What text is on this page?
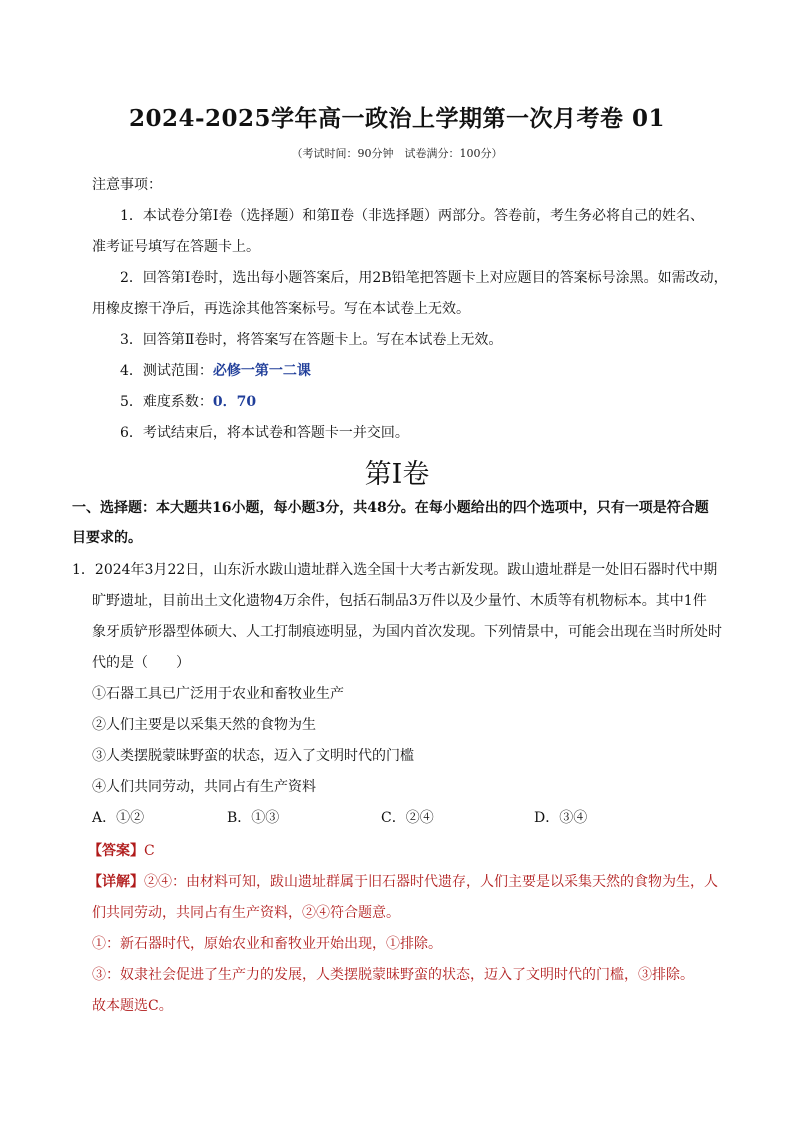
2024-2025学年高一政治上学期第一次月考卷 01
（考试时间：90分钟　试卷满分：100分）
注意事项：
1．本试卷分第Ⅰ卷（选择题）和第Ⅱ卷（非选择题）两部分。答卷前，考生务必将自己的姓名、
准考证号填写在答题卡上。
2．回答第Ⅰ卷时，选出每小题答案后，用2B铅笔把答题卡上对应题目的答案标号涂黑。如需改动，
用橡皮擦干净后，再选涂其他答案标号。写在本试卷上无效。
3．回答第Ⅱ卷时，将答案写在答题卡上。写在本试卷上无效。
4．测试范围：必修一第一二课
5．难度系数：0．70
6．考试结束后，将本试卷和答题卡一并交回。
第Ⅰ卷
一、选择题：本大题共16小题，每小题3分，共48分。在每小题给出的四个选项中，只有一项是符合题
目要求的。
1．2024年3月22日，山东沂水跋山遗址群入选全国十大考古新发现。跋山遗址群是一处旧石器时代中期
旷野遗址，目前出土文化遗物4万余件，包括石制品3万件以及少量竹、木质等有机物标本。其中1件
象牙质铲形器型体硕大、人工打制痕迹明显，为国内首次发现。下列情景中，可能会出现在当时所处时
代的是（　　）
①石器工具已广泛用于农业和畜牧业生产
②人们主要是以采集天然的食物为生
③人类摆脱蒙昧野蛮的状态，迈入了文明时代的门槛
④人们共同劳动，共同占有生产资料
A．①②	B．①③	C．②④	D．③④
【答案】C
【详解】②④：由材料可知，跋山遗址群属于旧石器时代遗存，人们主要是以采集天然的食物为生，人
们共同劳动，共同占有生产资料，②④符合题意。
①：新石器时代，原始农业和畜牧业开始出现，①排除。
③：奴隶社会促进了生产力的发展，人类摆脱蒙昧野蛮的状态，迈入了文明时代的门槛，③排除。
故本题选C。
